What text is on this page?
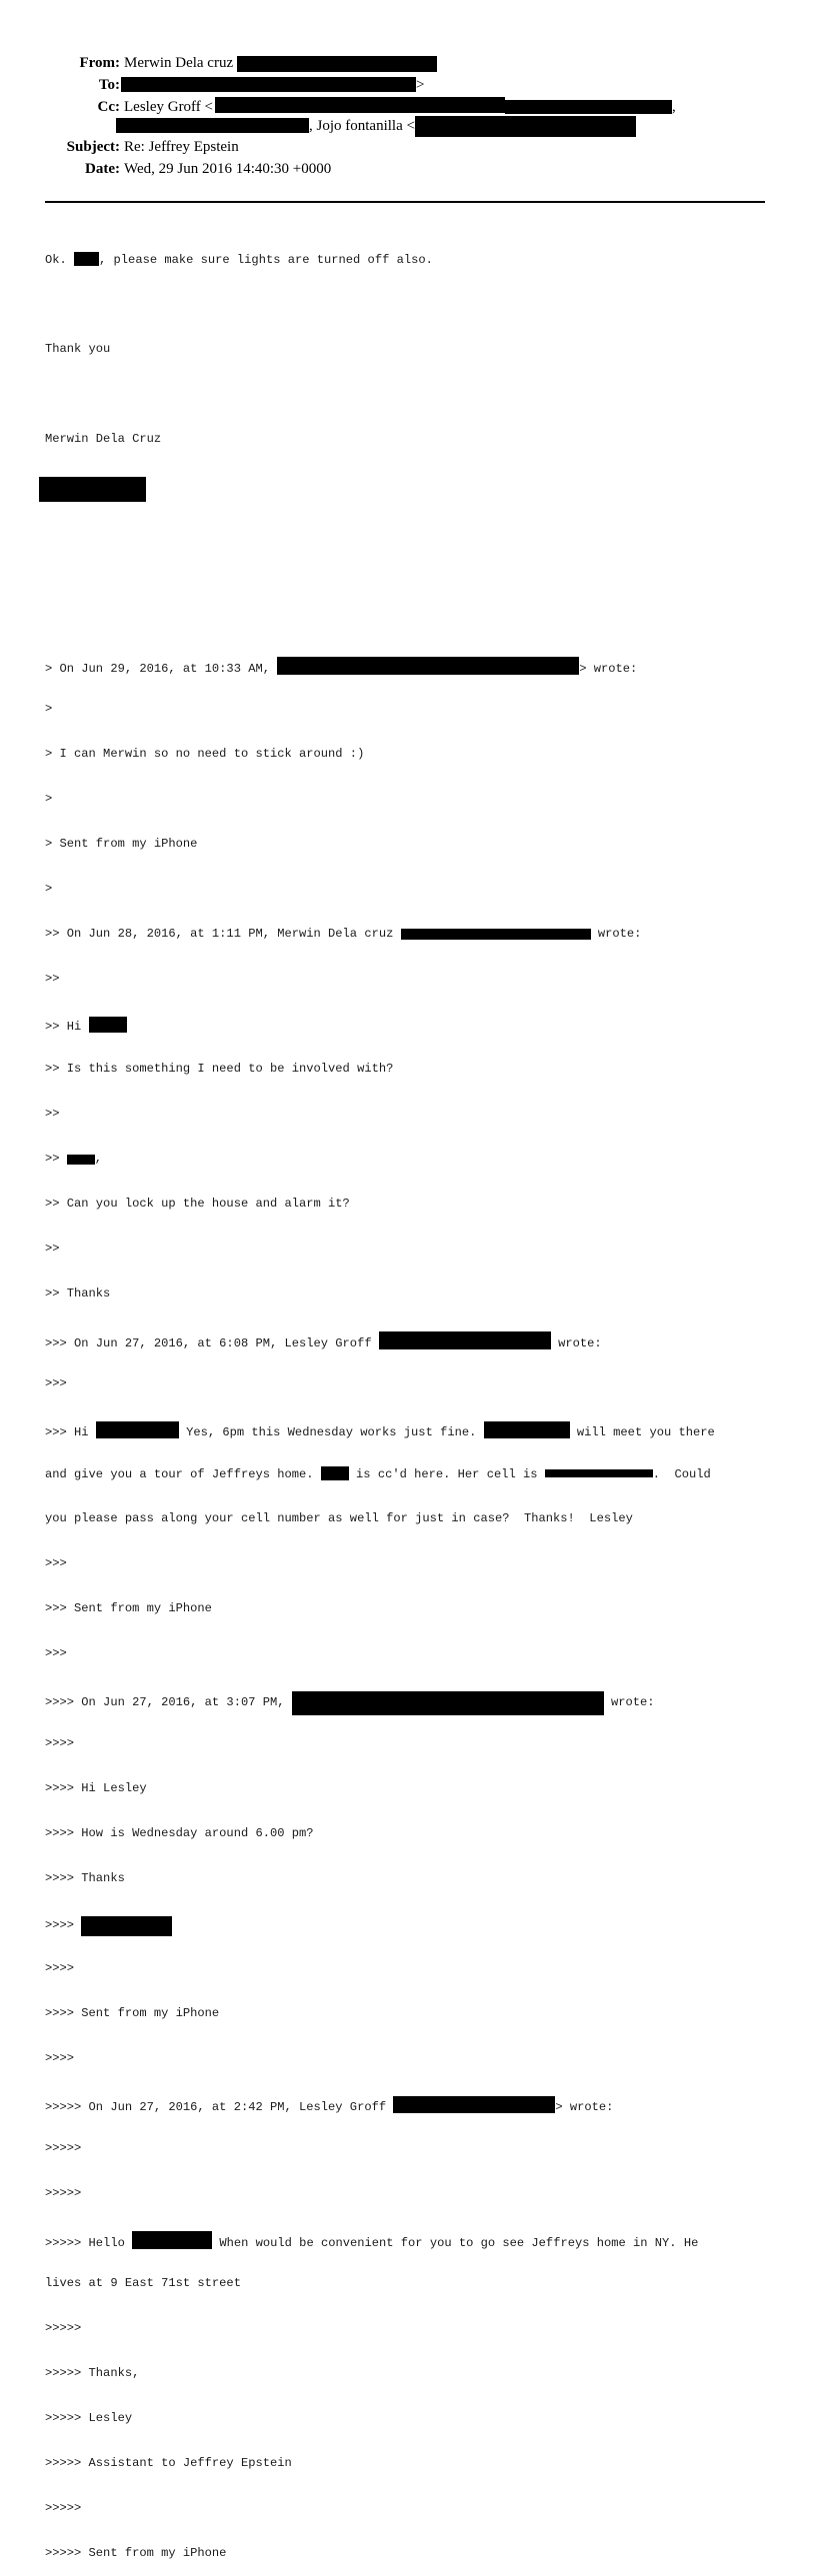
From: Merwin Dela cruz
To:	>
Cc: Lesley Groff <	,
, Jojo fontanilla <
Subject: Re: Jeffrey Epstein
Date: Wed, 29 Jun 2016 14:40:30 +0000

Ok. , please make sure lights are turned off also.

Thank you

Merwin Dela Cruz

> On Jun 29, 2016, at 10:33 AM,	> wrote:

>

> I can Merwin so no need to stick around :)

>

> Sent from my iPhone

>

>> On Jun 28, 2016, at 1:11 PM, Merwin Dela cruz	wrote:

>>

>> Hi

>> Is this something I need to be involved with?

>>

>> ,

>> Can you lock up the house and alarm it?

>>

>> Thanks

>>> On Jun 27, 2016, at 6:08 PM, Lesley Groff	wrote:

>>>

>>> Hi	Yes, 6pm this Wednesday works just fine.	will meet you there

and give you a tour of Jeffreys home.  is cc'd here. Her cell is	.  Could

you please pass along your cell number as well for just in case?  Thanks!  Lesley

>>>

>>> Sent from my iPhone

>>>

>>>> On Jun 27, 2016, at 3:07 PM,	wrote:

>>>>

>>>> Hi Lesley

>>>> How is Wednesday around 6.00 pm?

>>>> Thanks

>>>>

>>>>

>>>> Sent from my iPhone

>>>>

>>>>> On Jun 27, 2016, at 2:42 PM, Lesley Groff	> wrote:

>>>>>

>>>>>

>>>>> Hello	When would be convenient for you to go see Jeffreys home in NY. He

lives at 9 East 71st street

>>>>>

>>>>> Thanks,

>>>>> Lesley

>>>>> Assistant to Jeffrey Epstein

>>>>>

>>>>> Sent from my iPhone
